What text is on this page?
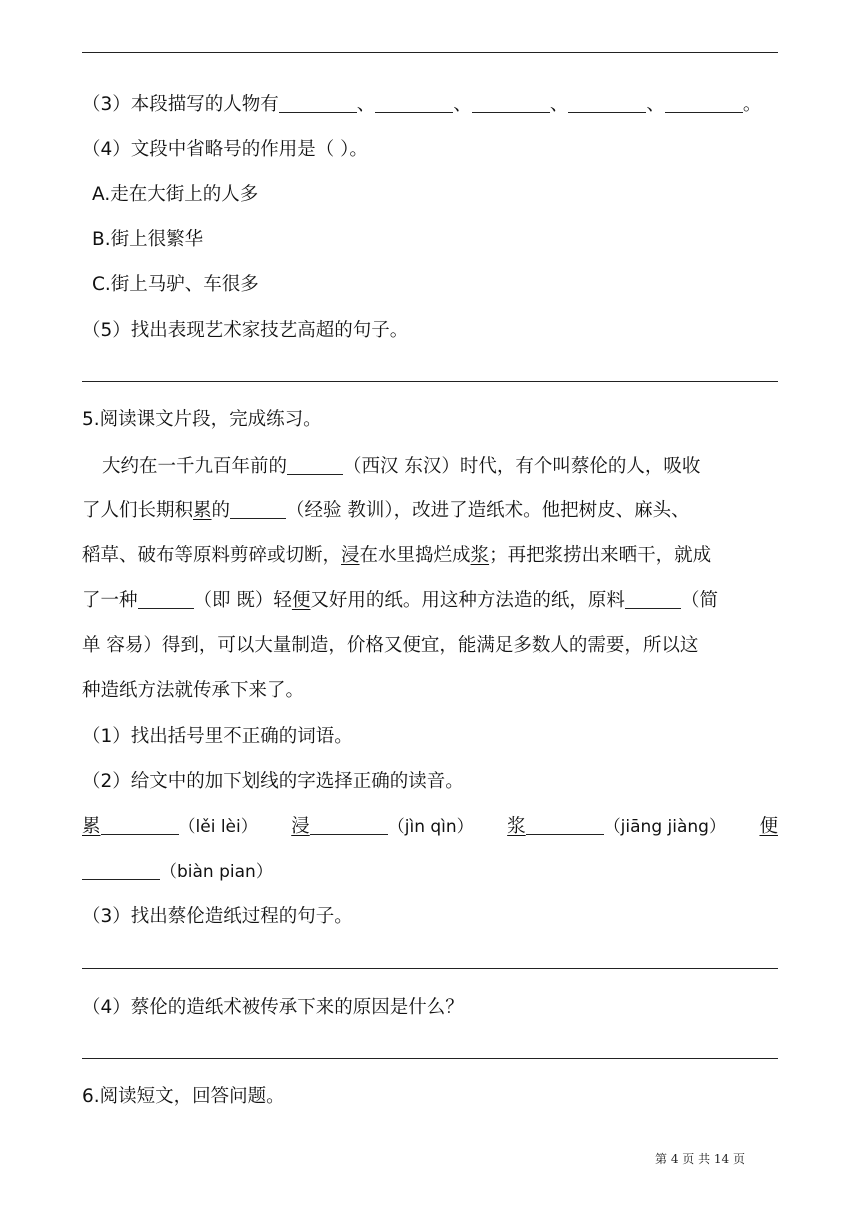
（3）本段描写的人物有	、	、	、	、	。
（4）文段中省略号的作用是（ ）。
A.走在大街上的人多
B.街上很繁华
C.街上马驴、车很多
（5）找出表现艺术家技艺高超的句子。
5.阅读课文片段，完成练习。
大约在一千九百年前的	（西汉 东汉）时代，有个叫蔡伦的人，吸收
了人们长期积累的	（经验 教训），改进了造纸术。他把树皮、麻头、
稻草、破布等原料剪碎或切断，浸在水里捣烂成浆；再把浆捞出来晒干，就成
了一种	（即 既）轻便又好用的纸。用这种方法造的纸，原料	（简
单 容易）得到，可以大量制造，价格又便宜，能满足多数人的需要，所以这
种造纸方法就传承下来了。
（1）找出括号里不正确的词语。
（2）给文中的加下划线的字选择正确的读音。
累	（lěi lèi） 浸	（jìn qìn） 浆	（jiāng jiàng） 便
（biàn pian）
（3）找出蔡伦造纸过程的句子。
（4）蔡伦的造纸术被传承下来的原因是什么？
6.阅读短文，回答问题。
第 4 页 共 14 页
